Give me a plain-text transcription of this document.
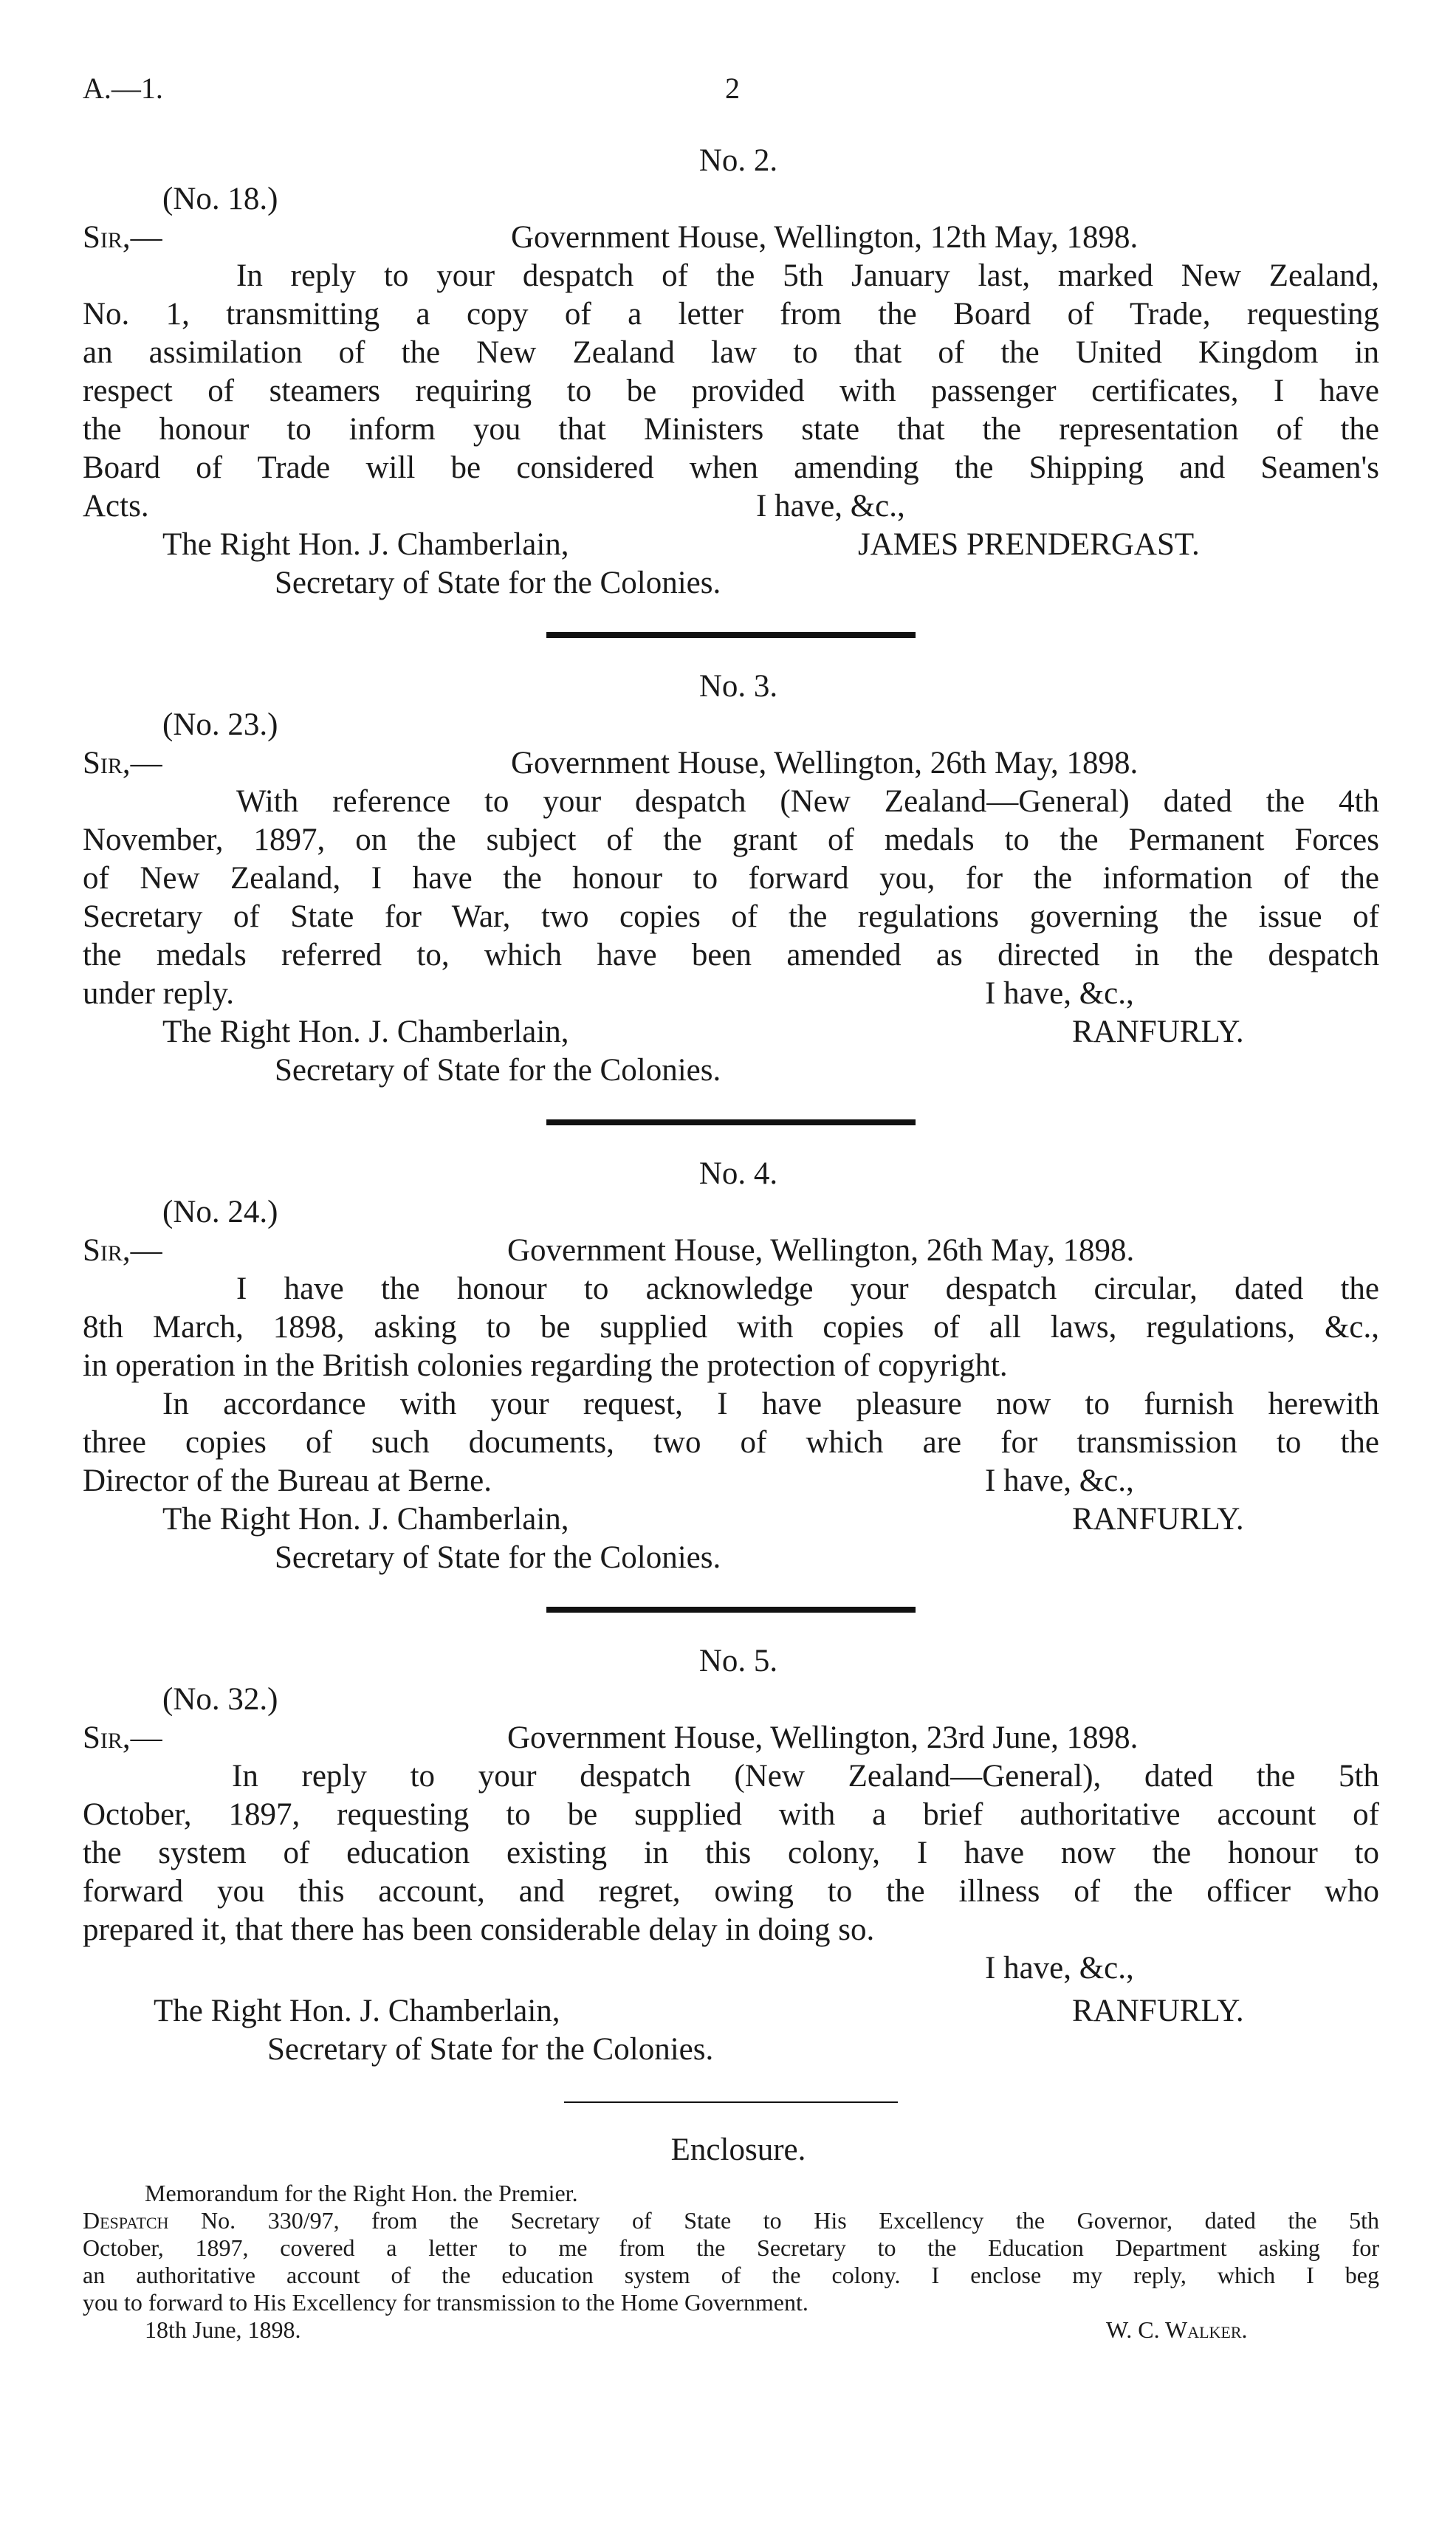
A.—1.	2
No. 2.
(No. 18.)
Sir,—	Government House, Wellington, 12th May, 1898.
In reply to your despatch of the 5th January last, marked New Zealand,
No. 1, transmitting a copy of a letter from the Board of Trade, requesting
an assimilation of the New Zealand law to that of the United Kingdom in
respect of steamers requiring to be provided with passenger certificates, I have
the honour to inform you that Ministers state that the representation of the
Board of Trade will be considered when amending the Shipping and Seamen's
Acts.	I have, &c.,
The Right Hon. J. Chamberlain,	JAMES PRENDERGAST.
Secretary of State for the Colonies.
No. 3.
(No. 23.)
Sir,—	Government House, Wellington, 26th May, 1898.
With reference to your despatch (New Zealand—General) dated the 4th
November, 1897, on the subject of the grant of medals to the Permanent Forces
of New Zealand, I have the honour to forward you, for the information of the
Secretary of State for War, two copies of the regulations governing the issue of
the medals referred to, which have been amended as directed in the despatch
under reply.	I have, &c.,
The Right Hon. J. Chamberlain,	RANFURLY.
Secretary of State for the Colonies.
No. 4.
(No. 24.)
Sir,—	Government House, Wellington, 26th May, 1898.
I have the honour to acknowledge your despatch circular, dated the
8th March, 1898, asking to be supplied with copies of all laws, regulations, &c.,
in operation in the British colonies regarding the protection of copyright.
In accordance with your request, I have pleasure now to furnish herewith
three copies of such documents, two of which are for transmission to the
Director of the Bureau at Berne.	I have, &c.,
The Right Hon. J. Chamberlain,	RANFURLY.
Secretary of State for the Colonies.
No. 5.
(No. 32.)
Sir,—	Government House, Wellington, 23rd June, 1898.
In reply to your despatch (New Zealand—General), dated the 5th
October, 1897, requesting to be supplied with a brief authoritative account of
the system of education existing in this colony, I have now the honour to
forward you this account, and regret, owing to the illness of the officer who
prepared it, that there has been considerable delay in doing so.
I have, &c.,
The Right Hon. J. Chamberlain,	RANFURLY.
Secretary of State for the Colonies.
Enclosure.
Memorandum for the Right Hon. the Premier.
Despatch No. 330/97, from the Secretary of State to His Excellency the Governor, dated the 5th
October, 1897, covered a letter to me from the Secretary to the Education Department asking for
an authoritative account of the education system of the colony. I enclose my reply, which I beg
you to forward to His Excellency for transmission to the Home Government.
18th June, 1898.	W. C. Walker.
